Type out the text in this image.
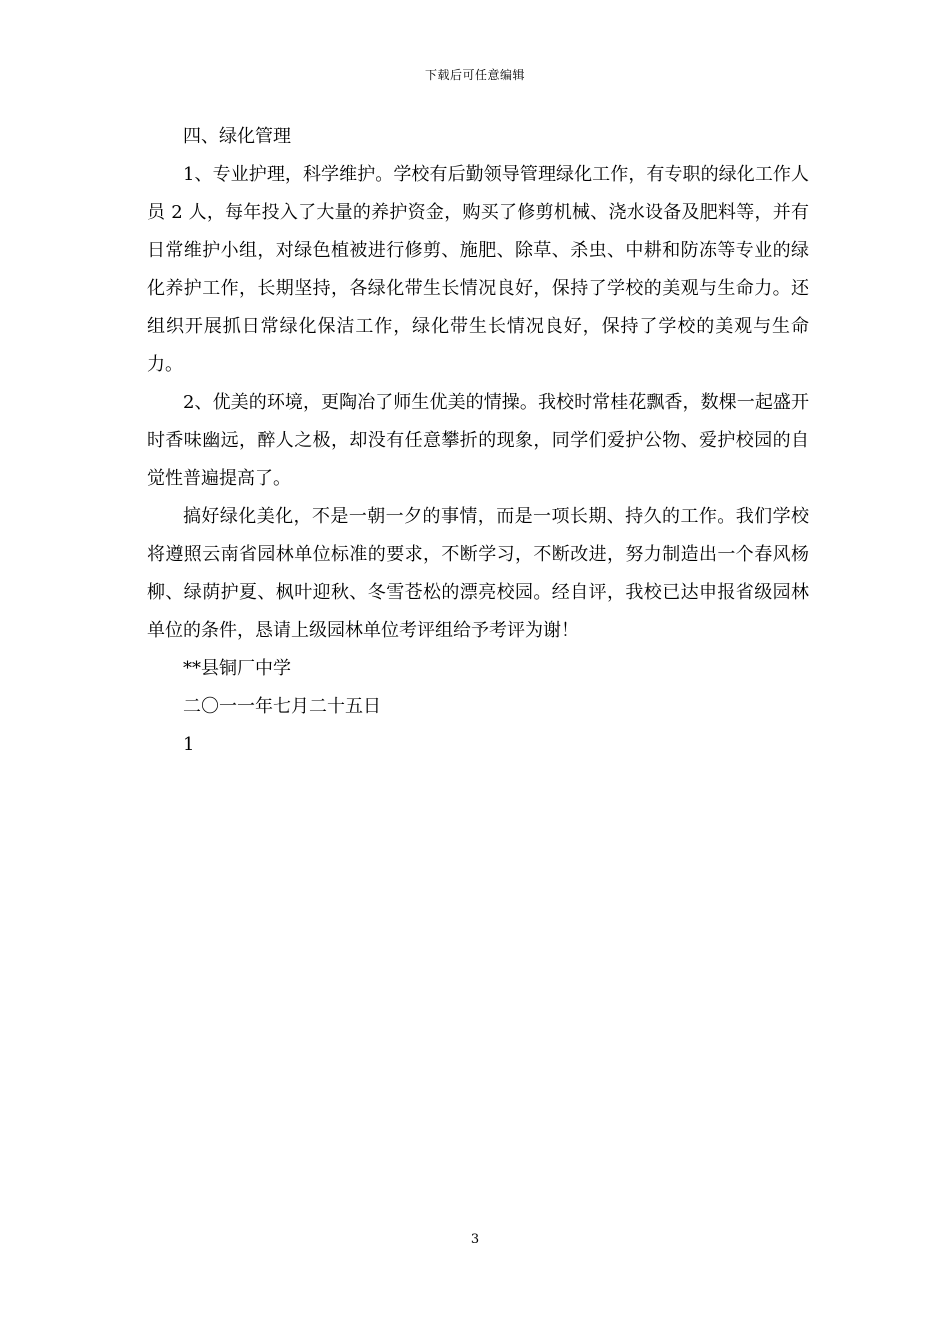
下载后可任意编辑

四、绿化管理

1、专业护理，科学维护。学校有后勤领导管理绿化工作，有专职的绿化工作人员 2 人，每年投入了大量的养护资金，购买了修剪机械、浇水设备及肥料等，并有日常维护小组，对绿色植被进行修剪、施肥、除草、杀虫、中耕和防冻等专业的绿化养护工作，长期坚持，各绿化带生长情况良好，保持了学校的美观与生命力。还组织开展抓日常绿化保洁工作，绿化带生长情况良好，保持了学校的美观与生命力。

2、优美的环境，更陶冶了师生优美的情操。我校时常桂花飘香，数棵一起盛开时香味幽远，醉人之极，却没有任意攀折的现象，同学们爱护公物、爱护校园的自觉性普遍提高了。

搞好绿化美化，不是一朝一夕的事情，而是一项长期、持久的工作。我们学校将遵照云南省园林单位标准的要求，不断学习，不断改进，努力制造出一个春风杨柳、绿荫护夏、枫叶迎秋、冬雪苍松的漂亮校园。经自评，我校已达申报省级园林单位的条件，恳请上级园林单位考评组给予考评为谢！

**县铜厂中学

二〇一一年七月二十五日

1

3
